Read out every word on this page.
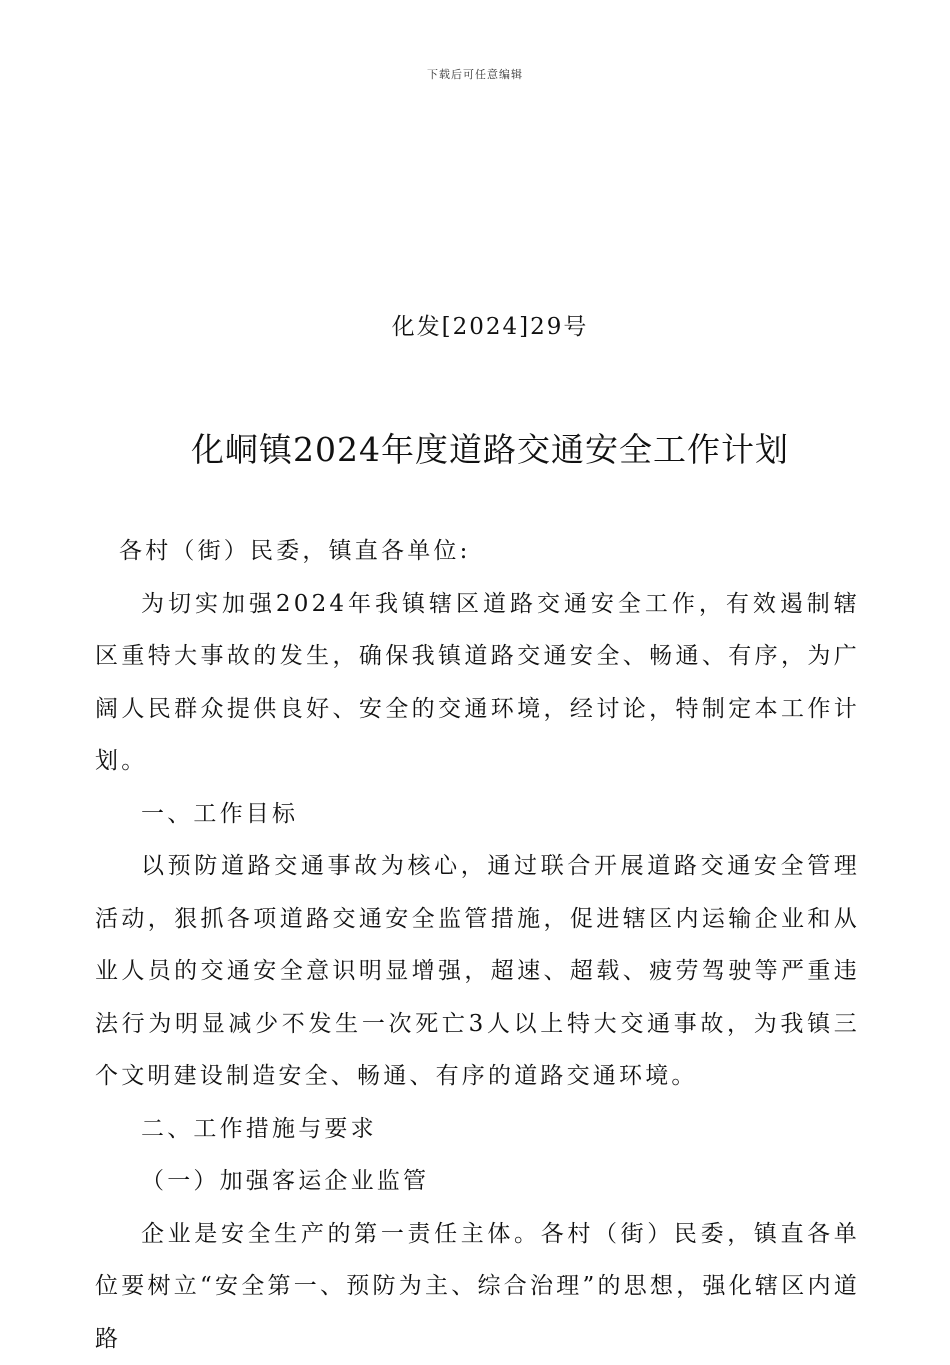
下载后可任意编辑
化发[2024]29号
化峒镇2024年度道路交通安全工作计划

各村（街）民委，镇直各单位:

为切实加强2024年我镇辖区道路交通安全工作，有效遏制辖区重特大事故的发生，确保我镇道路交通安全、畅通、有序，为广阔人民群众提供良好、安全的交通环境，经讨论，特制定本工作计划。

一、工作目标

以预防道路交通事故为核心，通过联合开展道路交通安全管理活动，狠抓各项道路交通安全监管措施，促进辖区内运输企业和从业人员的交通安全意识明显增强，超速、超载、疲劳驾驶等严重违法行为明显减少不发生一次死亡3人以上特大交通事故，为我镇三个文明建设制造安全、畅通、有序的道路交通环境。

二、工作措施与要求

（一）加强客运企业监管

企业是安全生产的第一责任主体。各村（街）民委，镇直各单位要树立“安全第一、预防为主、综合治理”的思想，强化辖区内道路
